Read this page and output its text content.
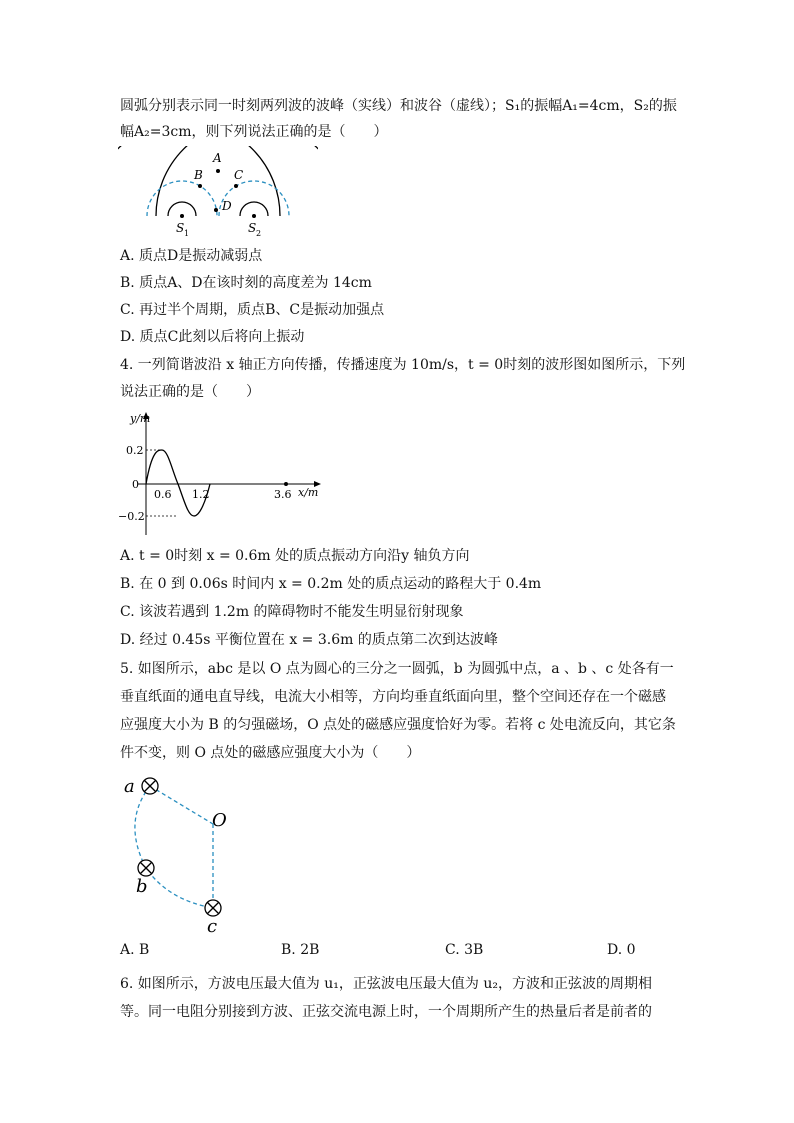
圆弧分别表示同一时刻两列波的波峰（实线）和波谷（虚线）；S₁的振幅A₁=4cm，S₂的振
幅A₂=3cm，则下列说法正确的是（　　）
A
B	C
D
S 1	S 2
A. 质点D是振动减弱点
B. 质点A、D在该时刻的高度差为 14cm
C. 再过半个周期，质点B、C是振动加强点
D. 质点C此刻以后将向上振动
4. 一列简谐波沿 x 轴正方向传播，传播速度为 10m/s，t = 0时刻的波形图如图所示，下列
说法正确的是（　　）
y/m
x/m
0.2
0
−0.2
0.6 1.2	3.6
A. t = 0时刻 x = 0.6m 处的质点振动方向沿y 轴负方向
B. 在 0 到 0.06s 时间内 x = 0.2m 处的质点运动的路程大于 0.4m
C. 该波若遇到 1.2m 的障碍物时不能发生明显衍射现象
D. 经过 0.45s 平衡位置在 x = 3.6m 的质点第二次到达波峰
5. 如图所示，abc 是以 O 点为圆心的三分之一圆弧，b 为圆弧中点，a 、b 、c 处各有一
垂直纸面的通电直导线，电流大小相等，方向均垂直纸面向里，整个空间还存在一个磁感
应强度大小为 B 的匀强磁场，O 点处的磁感应强度恰好为零。若将 c 处电流反向，其它条
件不变，则 O 点处的磁感应强度大小为（　　）
a
b
c
O
A. B	B. 2B	C. 3B	D. 0
6. 如图所示，方波电压最大值为 u₁，正弦波电压最大值为 u₂，方波和正弦波的周期相
等。同一电阻分别接到方波、正弦交流电源上时，一个周期所产生的热量后者是前者的
